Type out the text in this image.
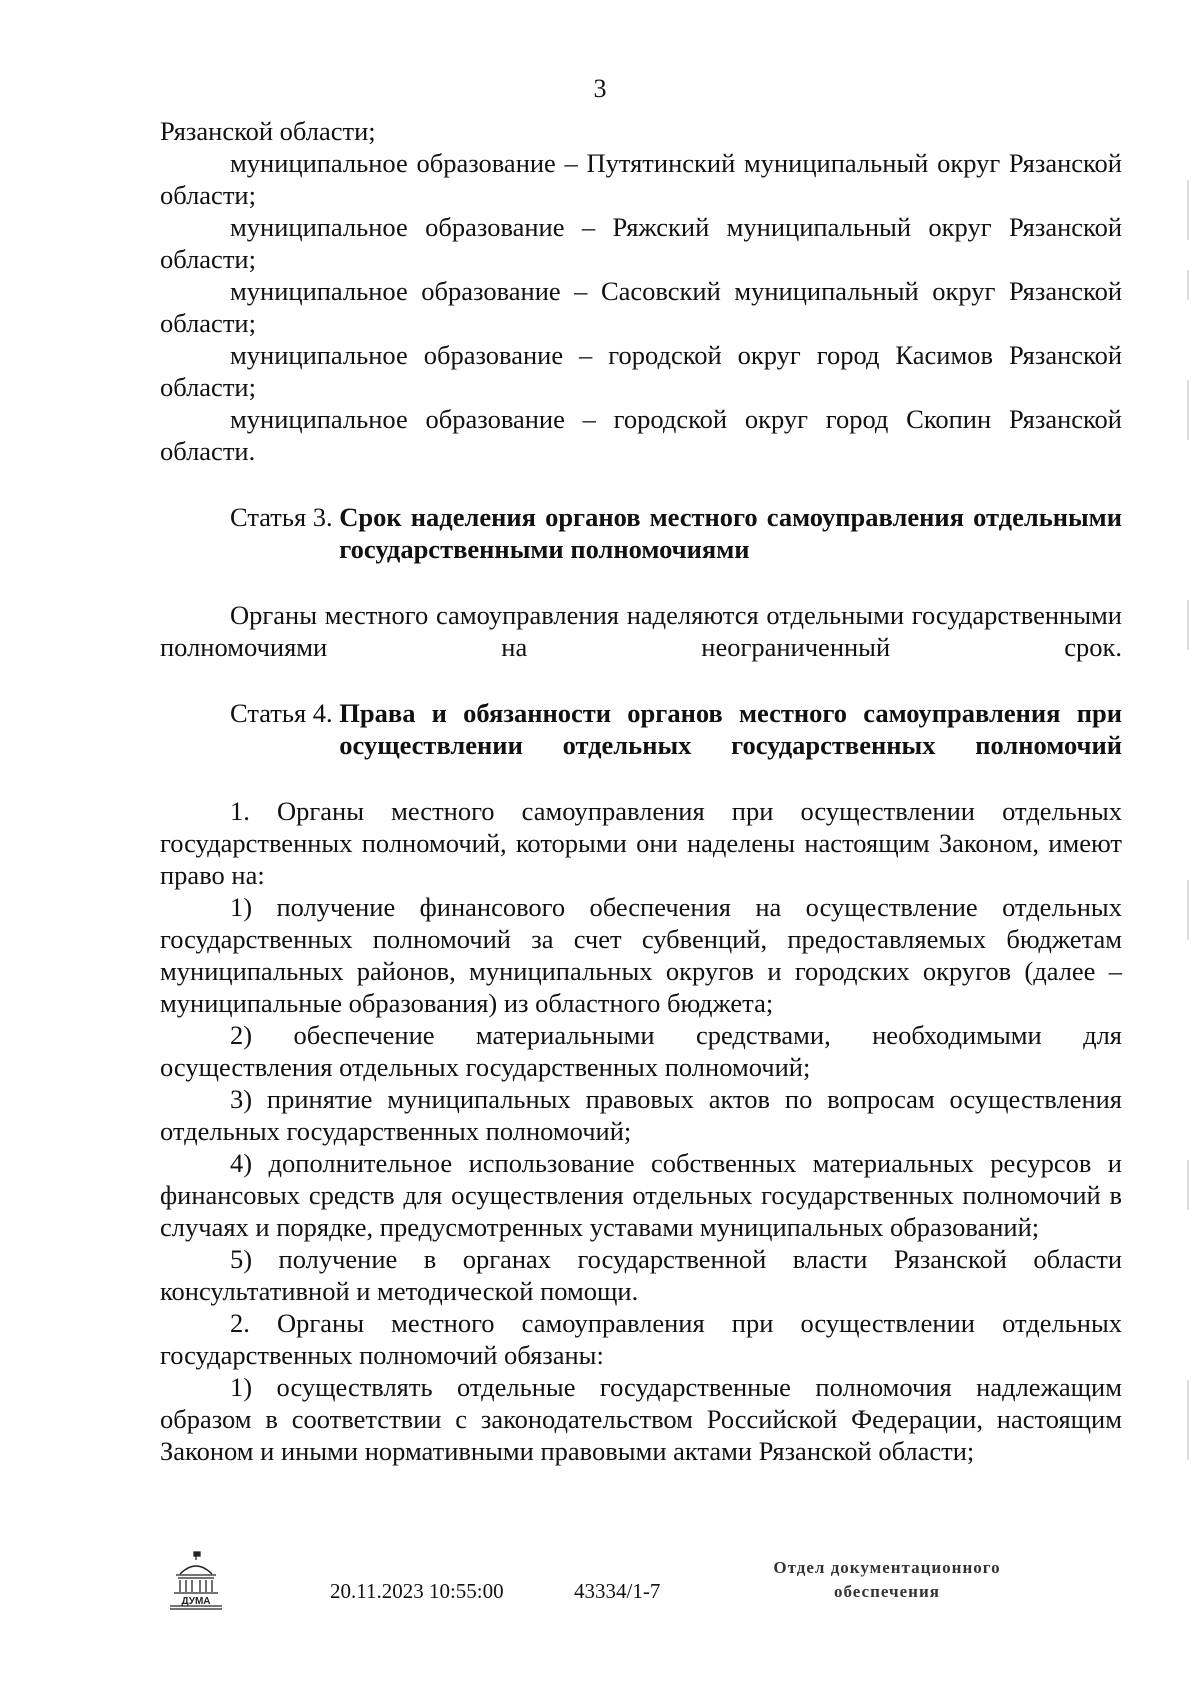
3

Рязанской области;

муниципальное образование – Путятинский муниципальный округ Рязанской области;

муниципальное образование – Ряжский муниципальный округ Рязанской области;

муниципальное образование – Сасовский муниципальный округ Рязанской области;

муниципальное образование – городской округ город Касимов Рязанской области;

муниципальное образование – городской округ город Скопин Рязанской области.

Статья 3. Срок наделения органов местного самоуправления отдельными государственными полномочиями

Органы местного самоуправления наделяются отдельными государственными полномочиями на неограниченный срок.

Статья 4. Права и обязанности органов местного самоуправления при осуществлении отдельных государственных полномочий

1. Органы местного самоуправления при осуществлении отдельных государственных полномочий, которыми они наделены настоящим Законом, имеют право на:

1) получение финансового обеспечения на осуществление отдельных государственных полномочий за счет субвенций, предоставляемых бюджетам муниципальных районов, муниципальных округов и городских округов (далее – муниципальные образования) из областного бюджета;

2) обеспечение материальными средствами, необходимыми для осуществления отдельных государственных полномочий;

3) принятие муниципальных правовых актов по вопросам осуществления отдельных государственных полномочий;

4) дополнительное использование собственных материальных ресурсов и финансовых средств для осуществления отдельных государственных полномочий в случаях и порядке, предусмотренных уставами муниципальных образований;

5) получение в органах государственной власти Рязанской области консультативной и методической помощи.

2. Органы местного самоуправления при осуществлении отдельных государственных полномочий обязаны:

1) осуществлять отдельные государственные полномочия надлежащим образом в соответствии с законодательством Российской Федерации, настоящим Законом и иными нормативными правовыми актами Рязанской области;

ДУМА	20.11.2023 10:55:00	43334/1-7
Отдел документационного
обеспечения
